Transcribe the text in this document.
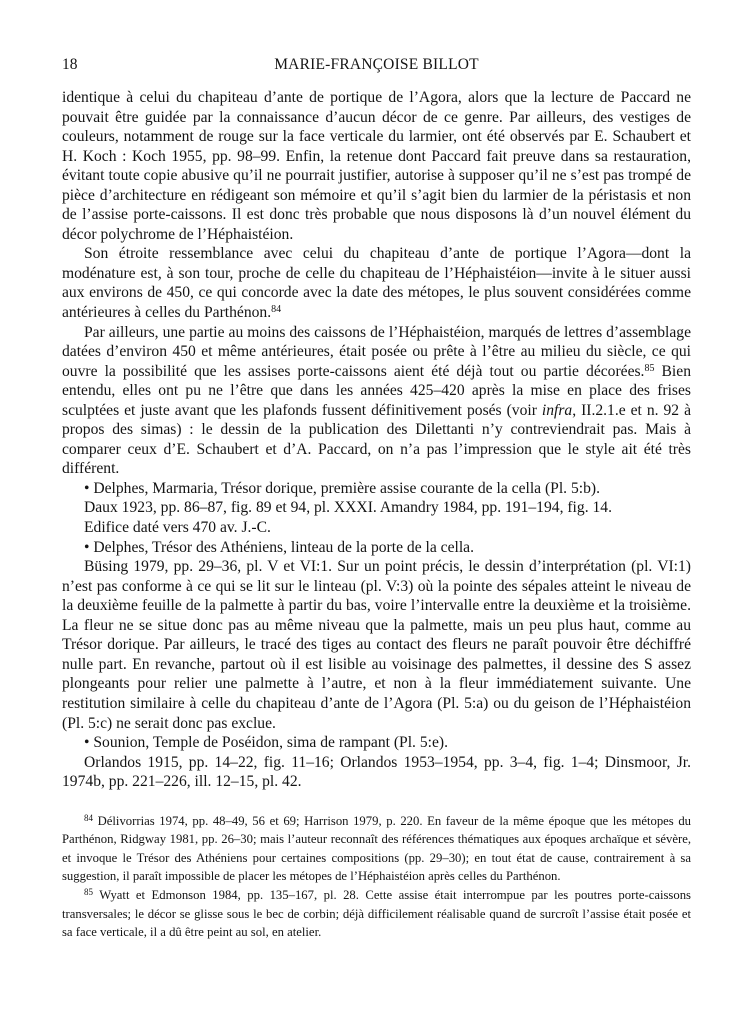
18	MARIE-FRANÇOISE BILLOT

identique à celui du chapiteau d’ante de portique de l’Agora, alors que la lecture de Paccard ne pouvait être guidée par la connaissance d’aucun décor de ce genre. Par ailleurs, des vestiges de couleurs, notamment de rouge sur la face verticale du larmier, ont été observés par E. Schaubert et H. Koch : Koch 1955, pp. 98–99. Enfin, la retenue dont Paccard fait preuve dans sa restauration, évitant toute copie abusive qu’il ne pourrait justifier, autorise à supposer qu’il ne s’est pas trompé de pièce d’architecture en rédigeant son mémoire et qu’il s’agit bien du larmier de la péristasis et non de l’assise porte-caissons. Il est donc très probable que nous disposons là d’un nouvel élément du décor polychrome de l’Héphaistéion.

Son étroite ressemblance avec celui du chapiteau d’ante de portique l’Agora—dont la modénature est, à son tour, proche de celle du chapiteau de l’Héphaistéion—invite à le situer aussi aux environs de 450, ce qui concorde avec la date des métopes, le plus souvent considérées comme antérieures à celles du Parthénon.$^{84}$

Par ailleurs, une partie au moins des caissons de l’Héphaistéion, marqués de lettres d’assemblage datées d’environ 450 et même antérieures, était posée ou prête à l’être au milieu du siècle, ce qui ouvre la possibilité que les assises porte-caissons aient été déjà tout ou partie décorées.$^{85}$ Bien entendu, elles ont pu ne l’être que dans les années 425–420 après la mise en place des frises sculptées et juste avant que les plafonds fussent définitivement posés (voir infra, II.2.1.e et n. 92 à propos des simas) : le dessin de la publication des Dilettanti n’y contreviendrait pas. Mais à comparer ceux d’E. Schaubert et d’A. Paccard, on n’a pas l’impression que le style ait été très différent.

• Delphes, Marmaria, Trésor dorique, première assise courante de la cella (Pl. 5:b).

Daux 1923, pp. 86–87, fig. 89 et 94, pl. XXXI. Amandry 1984, pp. 191–194, fig. 14.

Edifice daté vers 470 av. J.-C.

• Delphes, Trésor des Athéniens, linteau de la porte de la cella.

Büsing 1979, pp. 29–36, pl. V et VI:1. Sur un point précis, le dessin d’interprétation (pl. VI:1) n’est pas conforme à ce qui se lit sur le linteau (pl. V:3) où la pointe des sépales atteint le niveau de la deuxième feuille de la palmette à partir du bas, voire l’intervalle entre la deuxième et la troisième. La fleur ne se situe donc pas au même niveau que la palmette, mais un peu plus haut, comme au Trésor dorique. Par ailleurs, le tracé des tiges au contact des fleurs ne paraît pouvoir être déchiffré nulle part. En revanche, partout où il est lisible au voisinage des palmettes, il dessine des S assez plongeants pour relier une palmette à l’autre, et non à la fleur immédiatement suivante. Une restitution similaire à celle du chapiteau d’ante de l’Agora (Pl. 5:a) ou du geison de l’Héphaistéion (Pl. 5:c) ne serait donc pas exclue.

• Sounion, Temple de Poséidon, sima de rampant (Pl. 5:e).

Orlandos 1915, pp. 14–22, fig. 11–16; Orlandos 1953–1954, pp. 3–4, fig. 1–4; Dinsmoor, Jr. 1974b, pp. 221–226, ill. 12–15, pl. 42.

$^{84}$ Délivorrias 1974, pp. 48–49, 56 et 69; Harrison 1979, p. 220. En faveur de la même époque que les métopes du Parthénon, Ridgway 1981, pp. 26–30; mais l’auteur reconnaît des références thématiques aux époques archaïque et sévère, et invoque le Trésor des Athéniens pour certaines compositions (pp. 29–30); en tout état de cause, contrairement à sa suggestion, il paraît impossible de placer les métopes de l’Héphaistéion après celles du Parthénon.

$^{85}$ Wyatt et Edmonson 1984, pp. 135–167, pl. 28. Cette assise était interrompue par les poutres porte-caissons transversales; le décor se glisse sous le bec de corbin; déjà difficilement réalisable quand de surcroît l’assise était posée et sa face verticale, il a dû être peint au sol, en atelier.
